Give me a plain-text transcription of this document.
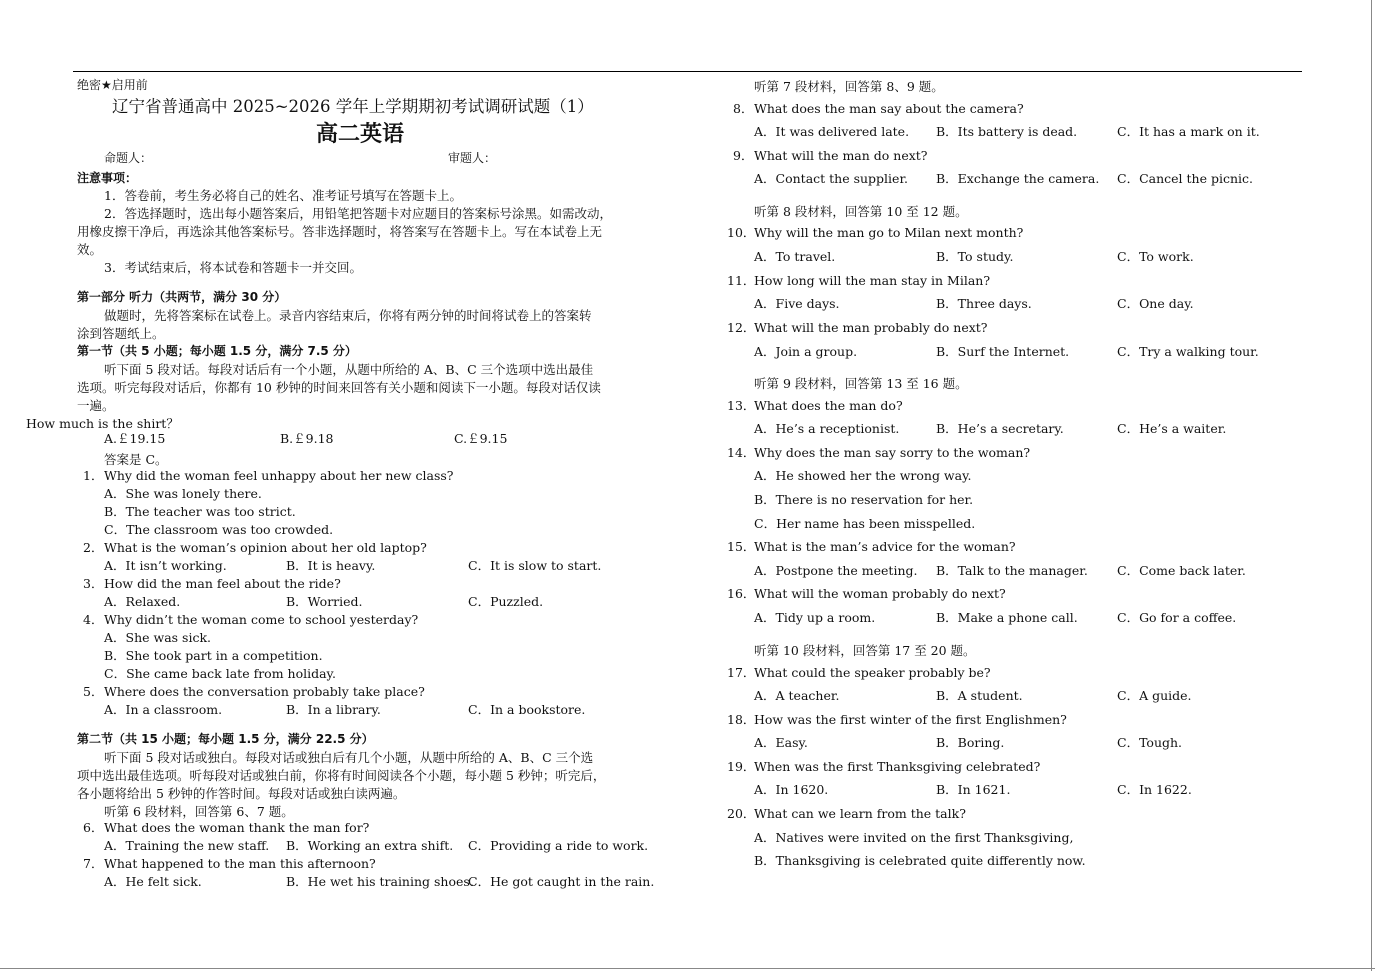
绝密★启用前
辽宁省普通高中 2025~2026 学年上学期期初考试调研试题（1）
高二英语
命题人：	审题人：
注意事项：
1．答卷前，考生务必将自己的姓名、准考证号填写在答题卡上。
2．答选择题时，选出每小题答案后，用铅笔把答题卡对应题目的答案标号涂黑。如需改动，
用橡皮擦干净后，再选涂其他答案标号。答非选择题时，将答案写在答题卡上。写在本试卷上无
效。
3．考试结束后，将本试卷和答题卡一并交回。
第一部分 听力（共两节，满分 30 分）
做题时，先将答案标在试卷上。录音内容结束后，你将有两分钟的时间将试卷上的答案转
涂到答题纸上。
第一节（共 5 小题；每小题 1.5 分，满分 7.5 分）
听下面 5 段对话。每段对话后有一个小题，从题中所给的 A、B、C 三个选项中选出最佳
选项。听完每段对话后，你都有 10 秒钟的时间来回答有关小题和阅读下一小题。每段对话仅读
一遍。
How much is the shirt？
A.￡19.15	B.￡9.18	C.￡9.15
答案是 C。
1． Why did the woman feel unhappy about her new class?
A．She was lonely there.
B．The teacher was too strict.
C．The classroom was too crowded.
2． What is the woman’s opinion about her old laptop?
A．It isn’t working.	B．It is heavy.	C．It is slow to start.
3． How did the man feel about the ride?
A．Relaxed.	B．Worried.	C．Puzzled.
4． Why didn’t the woman come to school yesterday?
A．She was sick.
B．She took part in a competition.
C．She came back late from holiday.
5． Where does the conversation probably take place?
A．In a classroom.	B．In a library.	C．In a bookstore.
第二节（共 15 小题；每小题 1.5 分，满分 22.5 分）
听下面 5 段对话或独白。每段对话或独白后有几个小题，从题中所给的 A、B、C 三个选
项中选出最佳选项。听每段对话或独白前，你将有时间阅读各个小题，每小题 5 秒钟；听完后，
各小题将给出 5 秒钟的作答时间。每段对话或独白读两遍。
听第 6 段材料，回答第 6、7 题。
6． What does the woman thank the man for?
A．Training the new staff. B．Working an extra shift. C．Providing a ride to work.
7． What happened to the man this afternoon?
A．He felt sick.	B．He wet his training shoes.
C．He got caught in the rain.
听第 7 段材料，回答第 8、9 题。
8． What does the man say about the camera?
A．It was delivered late. B．Its battery is dead.	C．It has a mark on it.
9． What will the man do next?
A．Contact the supplier. B．Exchange the camera. C．Cancel the picnic.
听第 8 段材料，回答第 10 至 12 题。
10．
Why will the man go to Milan next month?
A．To travel.	B．To study.	C．To work.
11．
How long will the man stay in Milan?
A．Five days.	B．Three days.	C．One day.
12．
What will the man probably do next?
A．Join a group.	B．Surf the Internet.	C．Try a walking tour.
听第 9 段材料，回答第 13 至 16 题。
13．
What does the man do?
A．He’s a receptionist.	B．He’s a secretary.	C．He’s a waiter.
14．
Why does the man say sorry to the woman?
A．He showed her the wrong way.
B．There is no reservation for her.
C．Her name has been misspelled.
15．
What is the man’s advice for the woman?
A．Postpone the meeting. B．Talk to the manager. C．Come back later.
16．
What will the woman probably do next?
A．Tidy up a room.	B．Make a phone call.	C．Go for a coffee.
听第 10 段材料，回答第 17 至 20 题。
17．
What could the speaker probably be?
A．A teacher.	B．A student.	C．A guide.
18．
How was the first winter of the first Englishmen?
A．Easy.	B．Boring.	C．Tough.
19．
When was the first Thanksgiving celebrated?
A．In 1620.	B．In 1621.	C．In 1622.
20．
What can we learn from the talk?
A．Natives were invited on the first Thanksgiving,
B．Thanksgiving is celebrated quite differently now.
